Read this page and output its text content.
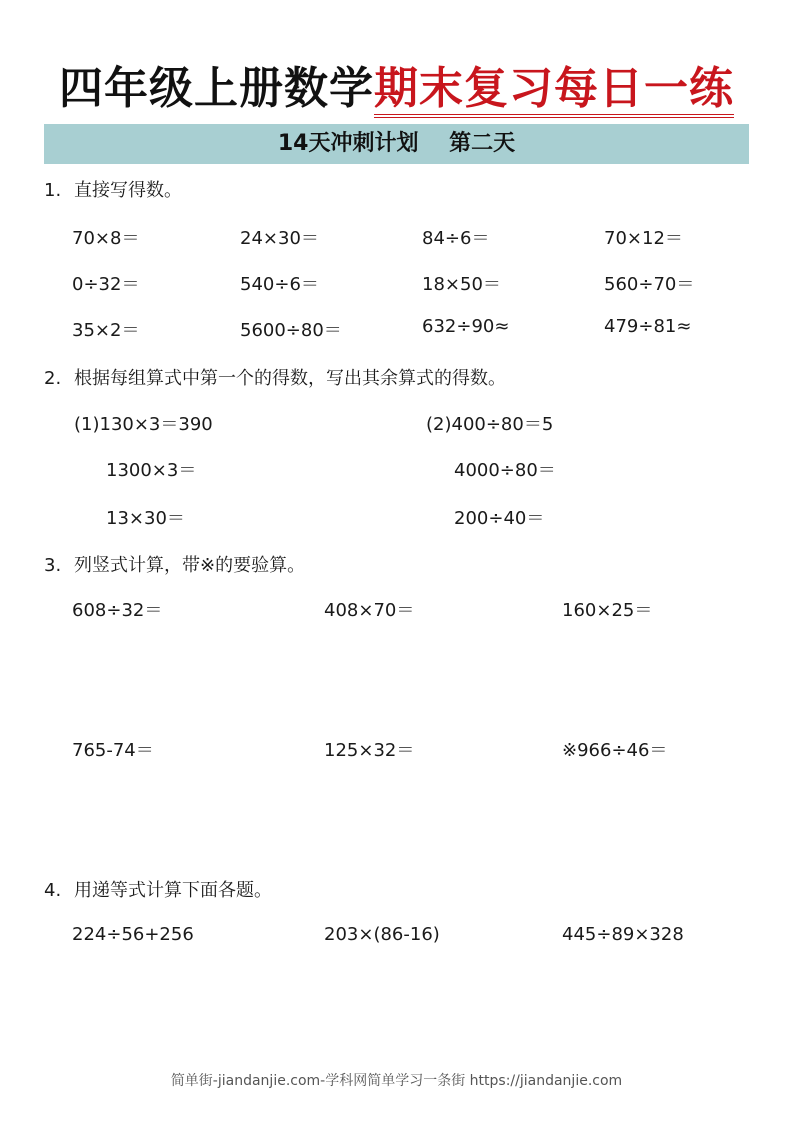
四年级上册数学期末复习每日一练
14天冲刺计划    第二天
1. 直接写得数。
70×8＝	24×30＝	84÷6＝	70×12＝
0÷32＝	540÷6＝	18×50＝	560÷70＝
35×2＝	5600÷80＝	632÷90≈	479÷81≈
2. 根据每组算式中第一个的得数，写出其余算式的得数。
(1)130×3＝390	(2)400÷80＝5
1300×3＝	4000÷80＝
13×30＝	200÷40＝
3. 列竖式计算，带※的要验算。
608÷32＝	408×70＝	160×25＝
765-74＝	125×32＝	※966÷46＝
4. 用递等式计算下面各题。
224÷56+256	203×(86-16)	445÷89×328
简单街-jiandanjie.com-学科网简单学习一条街 https://jiandanjie.com
